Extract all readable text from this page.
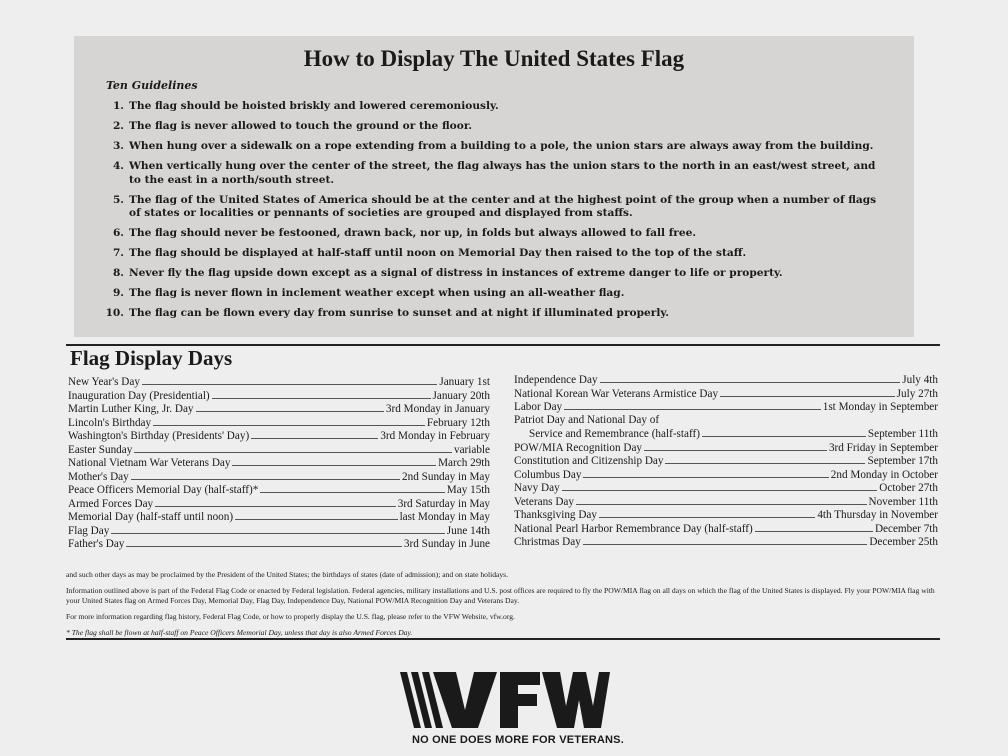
How to Display The United States Flag
Ten Guidelines
1. The flag should be hoisted briskly and lowered ceremoniously.
2. The flag is never allowed to touch the ground or the floor.
3. When hung over a sidewalk on a rope extending from a building to a pole, the union stars are always away from the building.
4. When vertically hung over the center of the street, the flag always has the union stars to the north in an east/west street, and to the east in a north/south street.
5. The flag of the United States of America should be at the center and at the highest point of the group when a number of flags of states or localities or pennants of societies are grouped and displayed from staffs.
6. The flag should never be festooned, drawn back, nor up, in folds but always allowed to fall free.
7. The flag should be displayed at half-staff until noon on Memorial Day then raised to the top of the staff.
8. Never fly the flag upside down except as a signal of distress in instances of extreme danger to life or property.
9. The flag is never flown in inclement weather except when using an all-weather flag.
10. The flag can be flown every day from sunrise to sunset and at night if illuminated properly.
Flag Display Days
New Year's Day	January 1st
Inauguration Day (Presidential)	January 20th
Martin Luther King, Jr. Day	3rd Monday in January
Lincoln's Birthday	February 12th
Washington's Birthday (Presidents' Day)	3rd Monday in February
Easter Sunday	variable
National Vietnam War Veterans Day	March 29th
Mother's Day	2nd Sunday in May
Peace Officers Memorial Day (half-staff)*	May 15th
Armed Forces Day	3rd Saturday in May
Memorial Day (half-staff until noon)	last Monday in May
Flag Day	June 14th
Father's Day	3rd Sunday in June
Independence Day	July 4th
National Korean War Veterans Armistice Day	July 27th
Labor Day	1st Monday in September
Patriot Day and National Day of
Service and Remembrance (half-staff)	September 11th
POW/MIA Recognition Day	3rd Friday in September
Constitution and Citizenship Day	September 17th
Columbus Day	2nd Monday in October
Navy Day	October 27th
Veterans Day	November 11th
Thanksgiving Day	4th Thursday in November
National Pearl Harbor Remembrance Day (half-staff)	December 7th
Christmas Day	December 25th

and such other days as may be proclaimed by the President of the United States; the birthdays of states (date of admission); and on state holidays.

Information outlined above is part of the Federal Flag Code or enacted by Federal legislation. Federal agencies, military installations and U.S. post offices are required to fly the POW/MIA flag on all days on which the flag of the United States is displayed. Fly your POW/MIA flag with your United States flag on Armed Forces Day, Memorial Day, Flag Day, Independence Day, National POW/MIA Recognition Day and Veterans Day.

For more information regarding flag history, Federal Flag Code, or how to properly display the U.S. flag, please refer to the VFW Website, vfw.org.

* The flag shall be flown at half-staff on Peace Officers Memorial Day, unless that day is also Armed Forces Day.

NO ONE DOES MORE FOR VETERANS.
